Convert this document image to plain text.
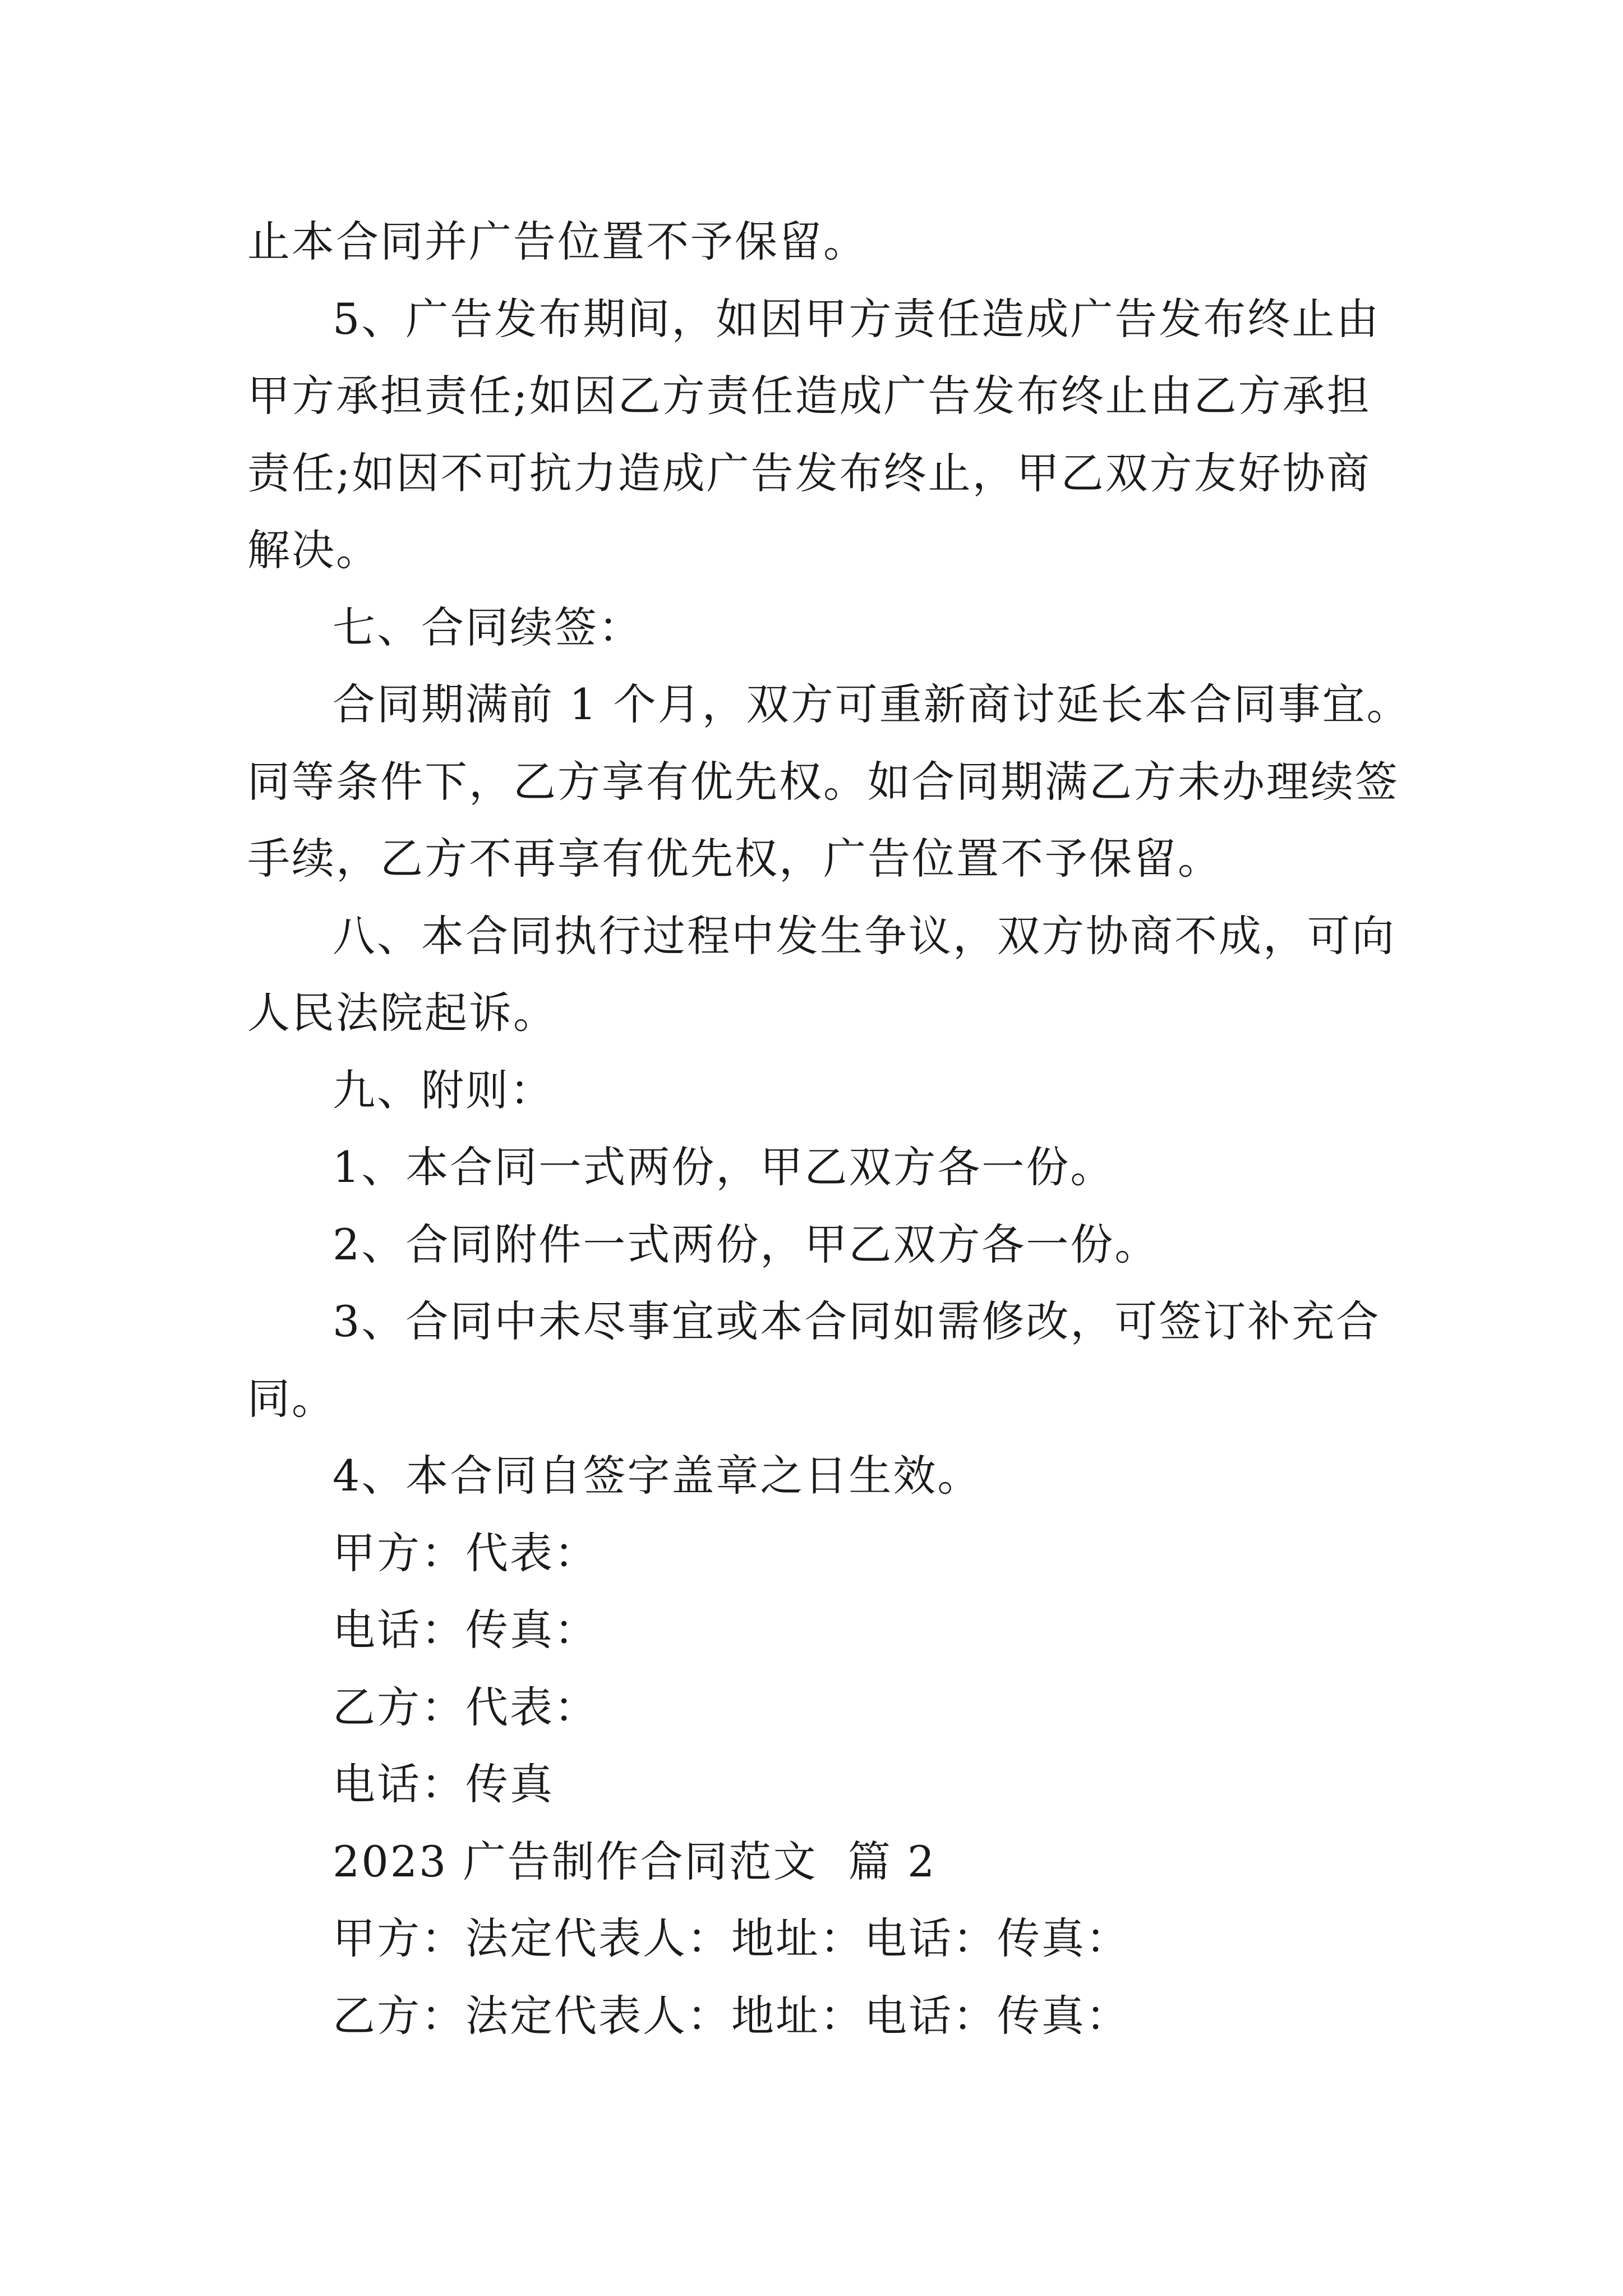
止本合同并广告位置不予保留。
5、广告发布期间，如因甲方责任造成广告发布终止由
甲方承担责任;如因乙方责任造成广告发布终止由乙方承担
责任;如因不可抗力造成广告发布终止，甲乙双方友好协商
解决。
七、合同续签：
合同期满前 1 个月，双方可重新商讨延长本合同事宜。
同等条件下，乙方享有优先权。如合同期满乙方未办理续签
手续，乙方不再享有优先权，广告位置不予保留。
八、本合同执行过程中发生争议，双方协商不成，可向
人民法院起诉。
九、附则：
1、本合同一式两份，甲乙双方各一份。
2、合同附件一式两份，甲乙双方各一份。
3、合同中未尽事宜或本合同如需修改，可签订补充合
同。
4、本合同自签字盖章之日生效。
甲方：代表：
电话：传真：
乙方：代表：
电话：传真
2023 广告制作合同范文  篇 2
甲方：法定代表人：地址：电话：传真：
乙方：法定代表人：地址：电话：传真：
